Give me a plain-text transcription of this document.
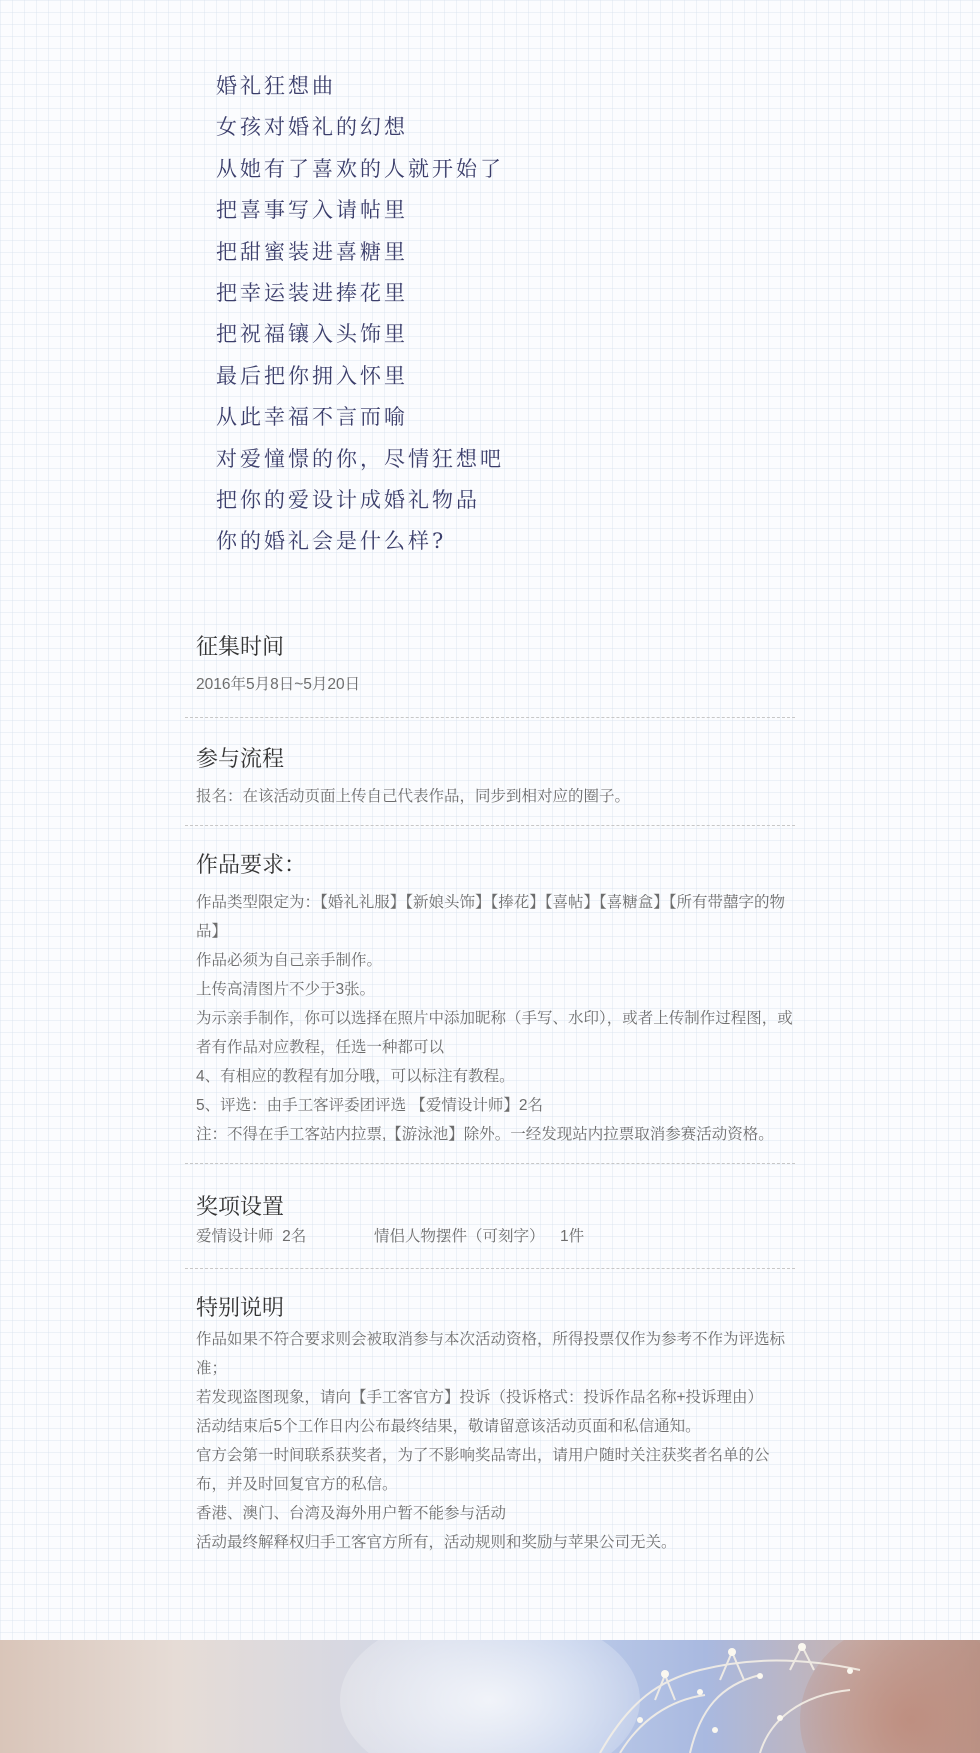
婚礼狂想曲
女孩对婚礼的幻想
从她有了喜欢的人就开始了
把喜事写入请帖里
把甜蜜装进喜糖里
把幸运装进捧花里
把祝福镶入头饰里
最后把你拥入怀里
从此幸福不言而喻
对爱憧憬的你，尽情狂想吧
把你的爱设计成婚礼物品
你的婚礼会是什么样?
征集时间
2016年5月8日~5月20日
参与流程
报名：在该活动页面上传自己代表作品，同步到相对应的圈子。
作品要求：
作品类型限定为：【婚礼礼服】【新娘头饰】【捧花】【喜帖】【喜糖盒】【所有带囍字的物品】
作品必须为自己亲手制作。
上传高清图片不少于3张。
为示亲手制作，你可以选择在照片中添加昵称（手写、水印），或者上传制作过程图，或者有作品对应教程，任选一种都可以
4、有相应的教程有加分哦，可以标注有教程。
5、评选：由手工客评委团评选 【爱情设计师】2名
注：不得在手工客站内拉票,【游泳池】除外。一经发现站内拉票取消参赛活动资格。
奖项设置
爱情设计师  2名	情侣人物摆件（可刻字） 1件
特别说明
作品如果不符合要求则会被取消参与本次活动资格，所得投票仅作为参考不作为评选标准；
若发现盗图现象，请向【手工客官方】投诉（投诉格式：投诉作品名称+投诉理由）
活动结束后5个工作日内公布最终结果，敬请留意该活动页面和私信通知。
官方会第一时间联系获奖者，为了不影响奖品寄出，请用户随时关注获奖者名单的公布，并及时回复官方的私信。
香港、澳门、台湾及海外用户暂不能参与活动
活动最终解释权归手工客官方所有，活动规则和奖励与苹果公司无关。
